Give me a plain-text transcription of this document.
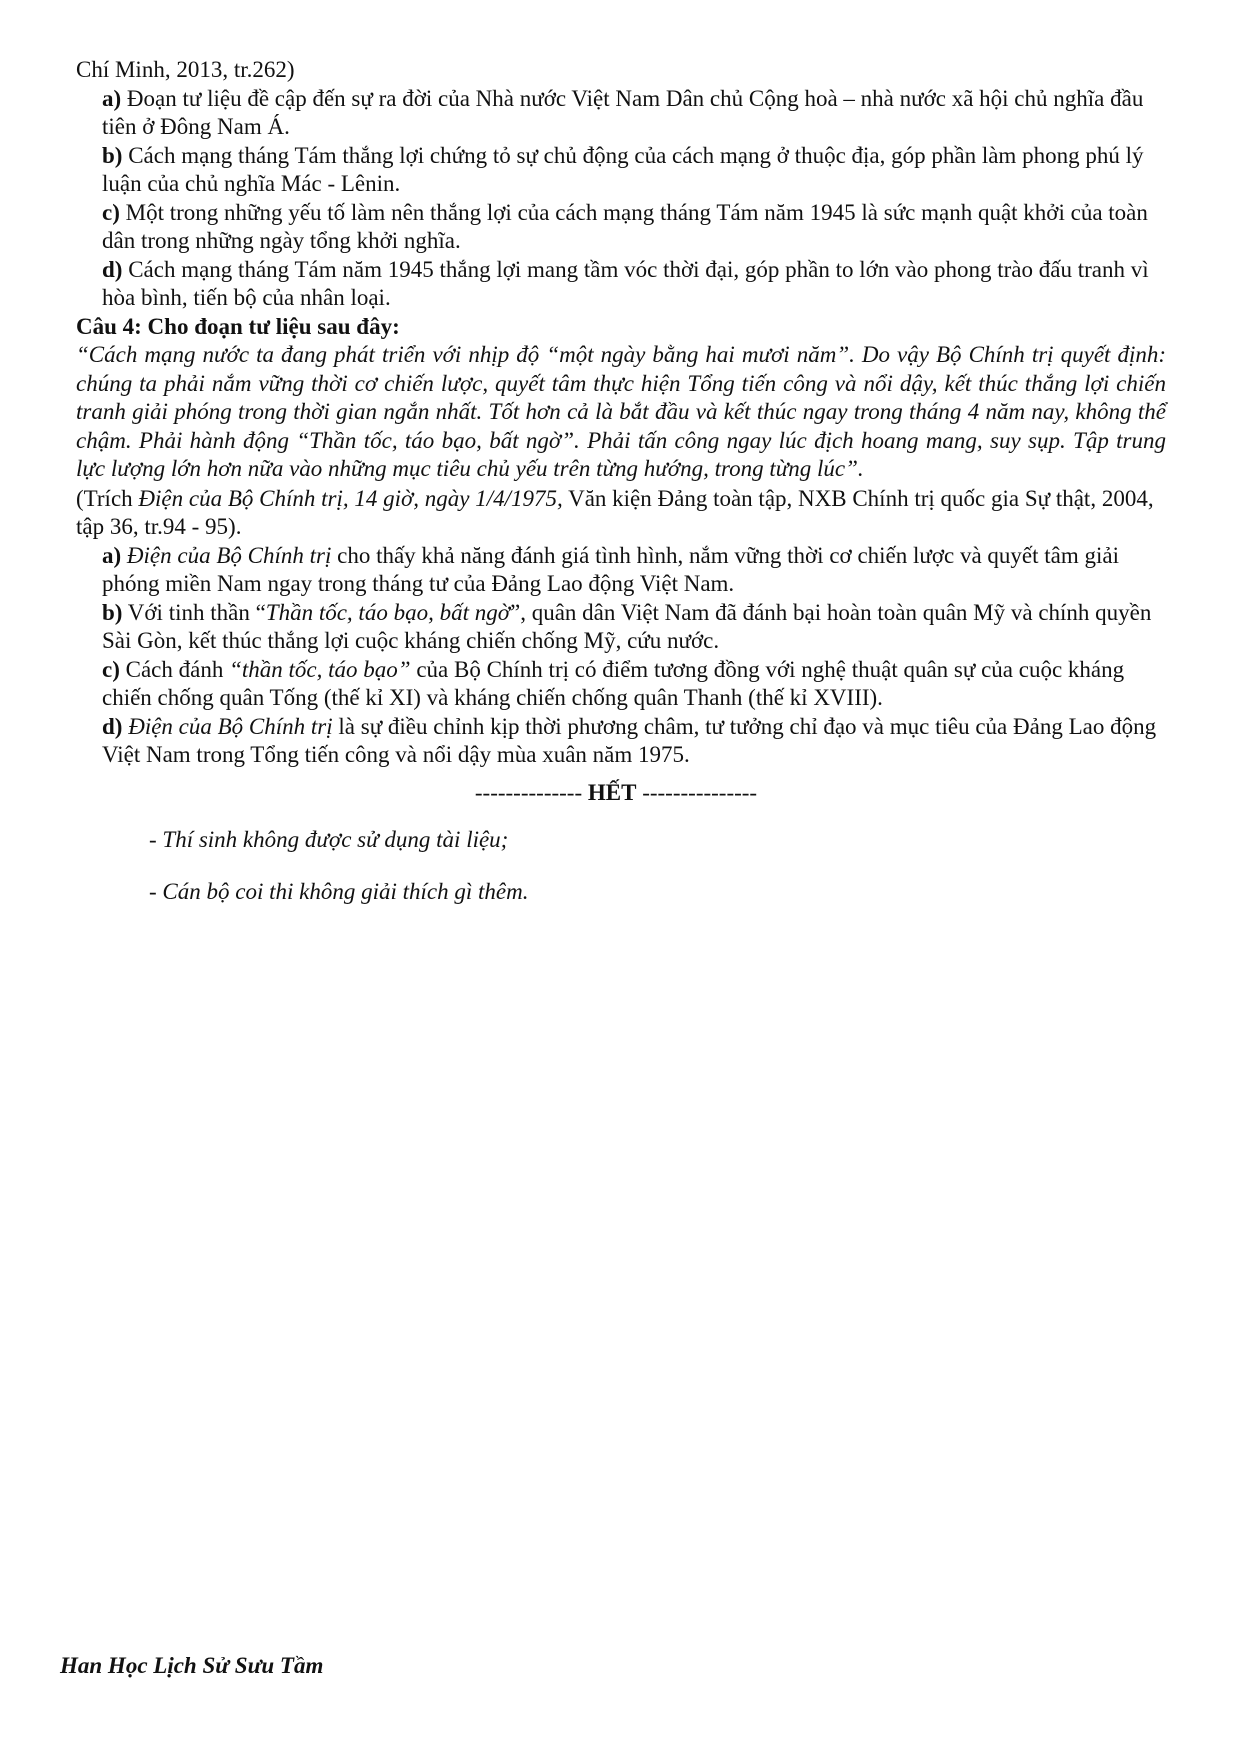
Chí Minh, 2013, tr.262)

a) Đoạn tư liệu đề cập đến sự ra đời của Nhà nước Việt Nam Dân chủ Cộng hoà – nhà nước xã hội chủ nghĩa đầu tiên ở Đông Nam Á.

b) Cách mạng tháng Tám thắng lợi chứng tỏ sự chủ động của cách mạng ở thuộc địa, góp phần làm phong phú lý luận của chủ nghĩa Mác - Lênin.

c) Một trong những yếu tố làm nên thắng lợi của cách mạng tháng Tám năm 1945 là sức mạnh quật khởi của toàn dân trong những ngày tổng khởi nghĩa.

d) Cách mạng tháng Tám năm 1945 thắng lợi mang tầm vóc thời đại, góp phần to lớn vào phong trào đấu tranh vì hòa bình, tiến bộ của nhân loại.

Câu 4: Cho đoạn tư liệu sau đây:

“Cách mạng nước ta đang phát triển với nhịp độ “một ngày bằng hai mươi năm”. Do vậy Bộ Chính trị quyết định: chúng ta phải nắm vững thời cơ chiến lược, quyết tâm thực hiện Tổng tiến công và nổi dậy, kết thúc thắng lợi chiến tranh giải phóng trong thời gian ngắn nhất. Tốt hơn cả là bắt đầu và kết thúc ngay trong tháng 4 năm nay, không thể chậm. Phải hành động “Thần tốc, táo bạo, bất ngờ”. Phải tấn công ngay lúc địch hoang mang, suy sụp. Tập trung lực lượng lớn hơn nữa vào những mục tiêu chủ yếu trên từng hướng, trong từng lúc”.

(Trích Điện của Bộ Chính trị, 14 giờ, ngày 1/4/1975, Văn kiện Đảng toàn tập, NXB Chính trị quốc gia Sự thật, 2004, tập 36, tr.94 - 95).

a) Điện của Bộ Chính trị cho thấy khả năng đánh giá tình hình, nắm vững thời cơ chiến lược và quyết tâm giải phóng miền Nam ngay trong tháng tư của Đảng Lao động Việt Nam.

b) Với tinh thần “Thần tốc, táo bạo, bất ngờ”, quân dân Việt Nam đã đánh bại hoàn toàn quân Mỹ và chính quyền Sài Gòn, kết thúc thắng lợi cuộc kháng chiến chống Mỹ, cứu nước.

c) Cách đánh “thần tốc, táo bạo” của Bộ Chính trị có điểm tương đồng với nghệ thuật quân sự của cuộc kháng chiến chống quân Tống (thế kỉ XI) và kháng chiến chống quân Thanh (thế kỉ XVIII).

d) Điện của Bộ Chính trị là sự điều chỉnh kịp thời phương châm, tư tưởng chỉ đạo và mục tiêu của Đảng Lao động Việt Nam trong Tổng tiến công và nổi dậy mùa xuân năm 1975.

-------------- HẾT ---------------

- Thí sinh không được sử dụng tài liệu;

- Cán bộ coi thi không giải thích gì thêm.

Han Học Lịch Sử Sưu Tầm
